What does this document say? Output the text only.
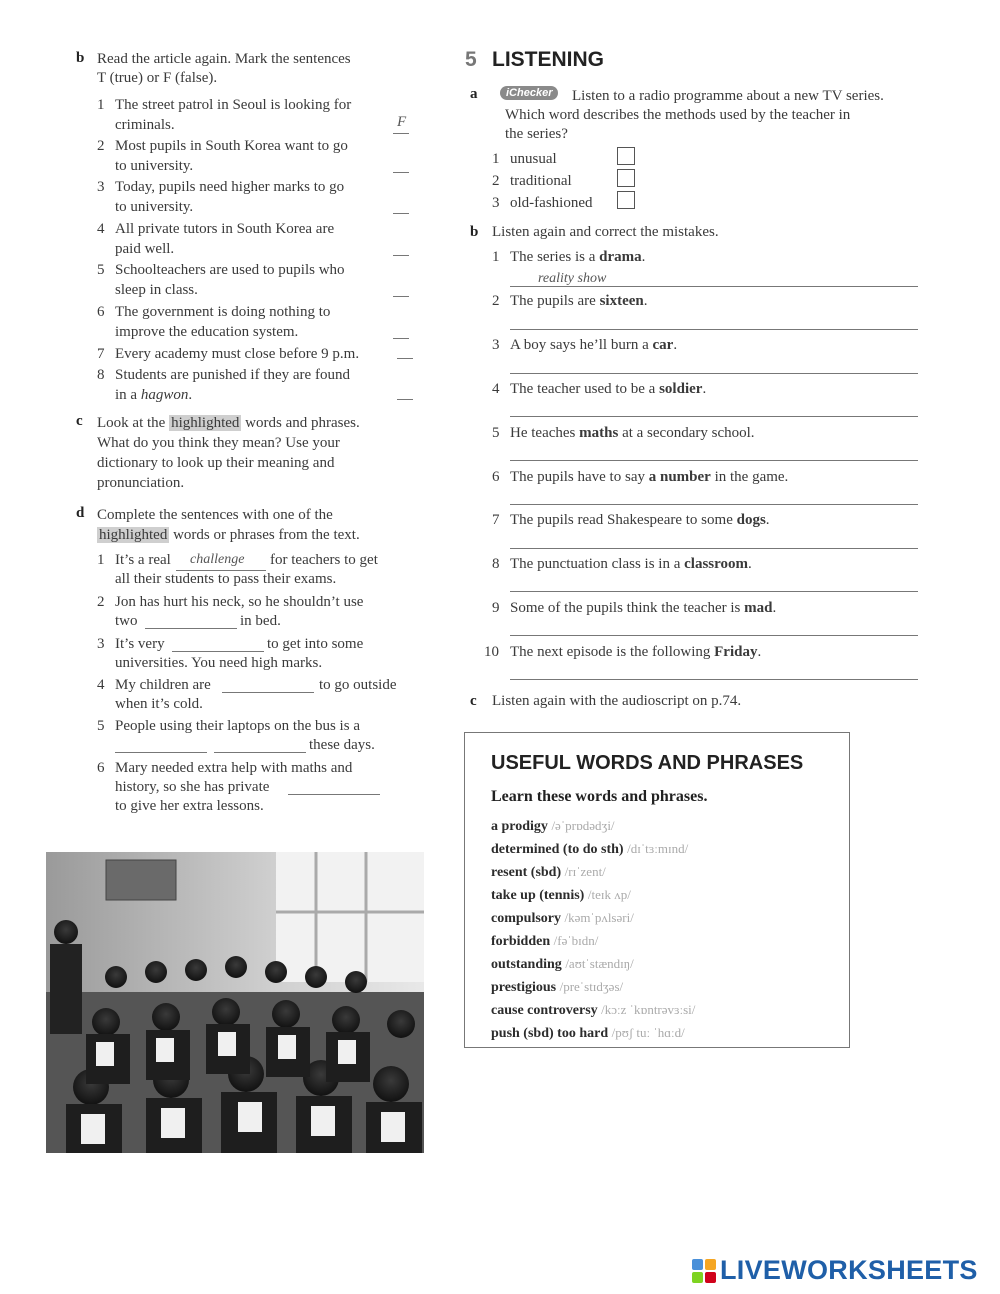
b Read the article again. Mark the sentences
T (true) or F (false).
1 The street patrol in Seoul is looking for
criminals.	F
2 Most pupils in South Korea want to go
to university.
3 Today, pupils need higher marks to go
to university.
4 All private tutors in South Korea are
paid well.
5 Schoolteachers are used to pupils who
sleep in class.
6 The government is doing nothing to
improve the education system.
7 Every academy must close before 9 p.m.
8 Students are punished if they are found
in a hagwon.
c Look at the highlighted words and phrases.
What do you think they mean? Use your
dictionary to look up their meaning and
pronunciation.
d Complete the sentences with one of the
highlighted words or phrases from the text.
1 It’s a real challenge for teachers to get
all their students to pass their exams.
2 Jon has hurt his neck, so he shouldn’t use
two	in bed.
3 It’s very	to get into some
universities. You need high marks.
4 My children are	to go outside
when it’s cold.
5 People using their laptops on the bus is a
these days.
6 Mary needed extra help with maths and
history, so she has private
to give her extra lessons.
5 LISTENING
a	iChecker	Listen to a radio programme about a new TV series.
Which word describes the methods used by the teacher in
the series?
1 unusual
2 traditional
3 old-fashioned
b Listen again and correct the mistakes.
1 The series is a drama.
reality show
2 The pupils are sixteen.
3 A boy says he’ll burn a car.
4 The teacher used to be a soldier.
5 He teaches maths at a secondary school.
6 The pupils have to say a number in the game.
7 The pupils read Shakespeare to some dogs.
8 The punctuation class is in a classroom.
9 Some of the pupils think the teacher is mad.
10 The next episode is the following Friday.
c Listen again with the audioscript on p.74.
USEFUL WORDS AND PHRASES
Learn these words and phrases.
a prodigy /əˈprɒdədʒi/
determined (to do sth) /dɪˈtɜːmɪnd/
resent (sbd) /rɪˈzent/
take up (tennis) /teɪk ʌp/
compulsory /kəmˈpʌlsəri/
forbidden /fəˈbɪdn/
outstanding /aʊtˈstændɪŋ/
prestigious /preˈstɪdʒəs/
cause controversy /kɔːz ˈkɒntrəvɜːsi/
push (sbd) too hard /pʊʃ tuː ˈhɑːd/
LIVEWORKSHEETS
